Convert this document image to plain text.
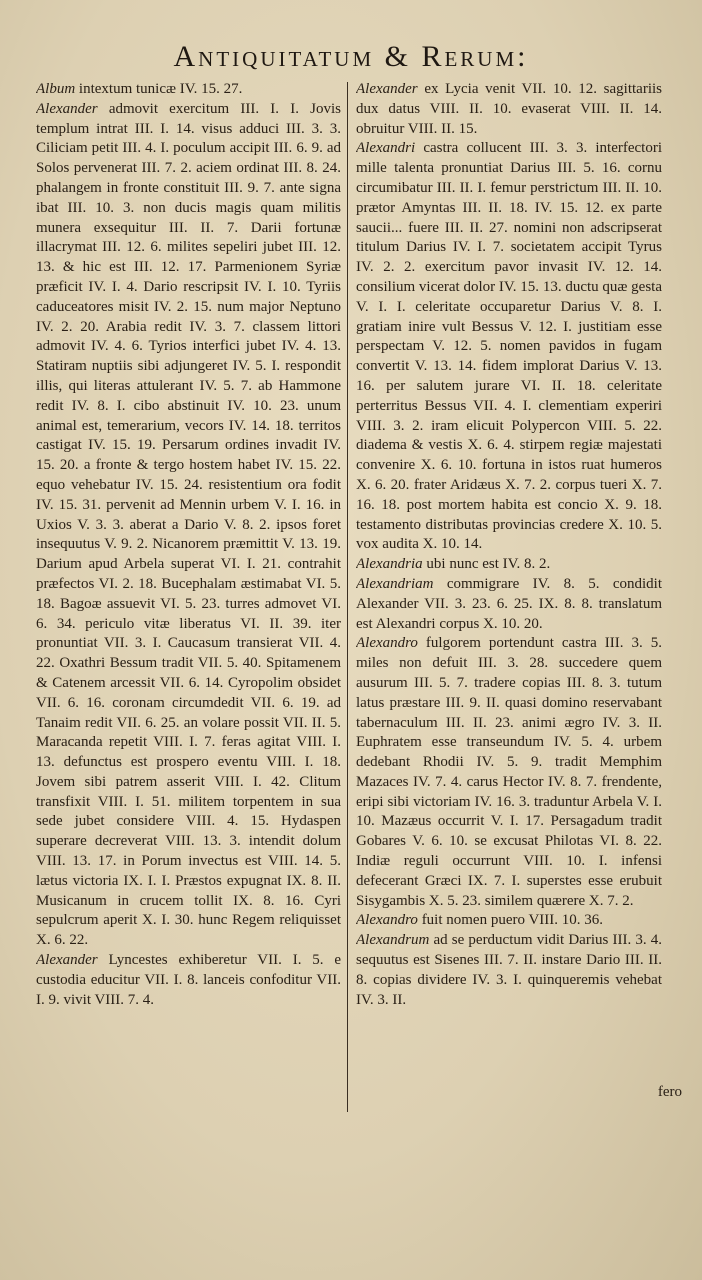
Antiquitatum & Rerum:
Album intextum tunicæ IV. 15. 27.
Alexander admovit exercitum III. I. I. Jovis templum intrat III. I. 14. visus adduci III. 3. 3. Ciliciam petit III. 4. I. poculum accipit III. 6. 9. ad Solos pervenerat III. 7. 2. aciem ordinat III. 8. 24. phalangem in fronte constituit III. 9. 7. ante signa ibat III. 10. 3. non ducis magis quam militis munera exsequitur III. II. 7. Darii fortunæ illacrymat III. 12. 6. milites sepeliri jubet III. 12. 13. & hic est III. 12. 17. Parmenionem Syriæ præficit IV. I. 4. Dario rescripsit IV. I. 10. Tyriis caduceatores misit IV. 2. 15. num major Neptuno IV. 2. 20. Arabia redit IV. 3. 7. classem littori admovit IV. 4. 6. Tyrios interfici jubet IV. 4. 13. Statiram nuptiis sibi adjungeret IV. 5. I. respondit illis, qui literas attulerant IV. 5. 7. ab Hammone redit IV. 8. I. cibo abstinuit IV. 10. 23. unum animal est, temerarium, vecors IV. 14. 18. territos castigat IV. 15. 19. Persarum ordines invadit IV. 15. 20. a fronte & tergo hostem habet IV. 15. 22. equo vehebatur IV. 15. 24. resistentium ora fodit IV. 15. 31. pervenit ad Mennin urbem V. I. 16. in Uxios V. 3. 3. aberat a Dario V. 8. 2. ipsos foret insequutus V. 9. 2. Nicanorem præmittit V. 13. 19. Darium apud Arbela superat VI. I. 21. contrahit præfectos VI. 2. 18. Bucephalam æstimabat VI. 5. 18. Bagoæ assuevit VI. 5. 23. turres admovet VI. 6. 34. periculo vitæ liberatus VI. II. 39. iter pronuntiat VII. 3. I. Caucasum transierat VII. 4. 22. Oxathri Bessum tradit VII. 5. 40. Spitamenem & Catenem arcessit VII. 6. 14. Cyropolim obsidet VII. 6. 16. coronam circumdedit VII. 6. 19. ad Tanaim redit VII. 6. 25. an volare possit VII. II. 5. Maracanda repetit VIII. I. 7. feras agitat VIII. I. 13. defunctus est prospero eventu VIII. I. 18. Jovem sibi patrem asserit VIII. I. 42. Clitum transfixit VIII. I. 51. militem torpentem in sua sede jubet considere VIII. 4. 15. Hydaspen superare decreverat VIII. 13. 3. intendit dolum VIII. 13. 17. in Porum invectus est VIII. 14. 5. lætus victoria IX. I. I. Præstos expugnat IX. 8. II. Musicanum in crucem tollit IX. 8. 16. Cyri sepulcrum aperit X. I. 30. hunc Regem reliquisset X. 6. 22.
Alexander Lyncestes exhiberetur VII. I. 5. e custodia educitur VII. I. 8. lanceis confoditur VII. I. 9. vivit VIII. 7. 4.
Alexander ex Lycia venit VII. 10. 12. sagittariis dux datus VIII. II. 10. evaserat VIII. II. 14. obruitur VIII. II. 15.
Alexandri castra collucent III. 3. 3. interfectori mille talenta pronuntiat Darius III. 5. 16. cornu circumibatur III. II. I. femur perstrictum III. II. 10. prætor Amyntas III. II. 18. IV. 15. 12. ex parte saucii... fuere III. II. 27. nomini non adscripserat titulum Darius IV. I. 7. societatem accipit Tyrus IV. 2. 2. exercitum pavor invasit IV. 12. 14. consilium vicerat dolor IV. 15. 13. ductu quæ gesta V. I. I. celeritate occuparetur Darius V. 8. I. gratiam inire vult Bessus V. 12. I. justitiam esse perspectam V. 12. 5. nomen pavidos in fugam convertit V. 13. 14. fidem implorat Darius V. 13. 16. per salutem jurare VI. II. 18. celeritate perterritus Bessus VII. 4. I. clementiam experiri VIII. 3. 2. iram elicuit Polypercon VIII. 5. 22. diadema & vestis X. 6. 4. stirpem regiæ majestati convenire X. 6. 10. fortuna in istos ruat humeros X. 6. 20. frater Aridæus X. 7. 2. corpus tueri X. 7. 16. 18. post mortem habita est concio X. 9. 18. testamento distributas provincias credere X. 10. 5. vox audita X. 10. 14.
Alexandria ubi nunc est IV. 8. 2.
Alexandriam commigrare IV. 8. 5. condidit Alexander VII. 3. 23. 6. 25. IX. 8. 8. translatum est Alexandri corpus X. 10. 20.
Alexandro fulgorem portendunt castra III. 3. 5. miles non defuit III. 3. 28. succedere quem ausurum III. 5. 7. tradere copias III. 8. 3. tutum latus præstare III. 9. II. quasi domino reservabant tabernaculum III. II. 23. animi ægro IV. 3. II. Euphratem esse transeundum IV. 5. 4. urbem dedebant Rhodii IV. 5. 9. tradit Memphim Mazaces IV. 7. 4. carus Hector IV. 8. 7. frendente, eripi sibi victoriam IV. 16. 3. traduntur Arbela V. I. 10. Mazæus occurrit V. I. 17. Persagadum tradit Gobares V. 6. 10. se excusat Philotas VI. 8. 22. Indiæ reguli occurrunt VIII. 10. I. infensi defecerant Græci IX. 7. I. superstes esse erubuit Sisygambis X. 5. 23. similem quærere X. 7. 2.
Alexandro fuit nomen puero VIII. 10. 36.
Alexandrum ad se perductum vidit Darius III. 3. 4. sequutus est Sisenes III. 7. II. instare Dario III. II. 8. copias dividere IV. 3. I. quinqueremis vehebat IV. 3. II.
fero
